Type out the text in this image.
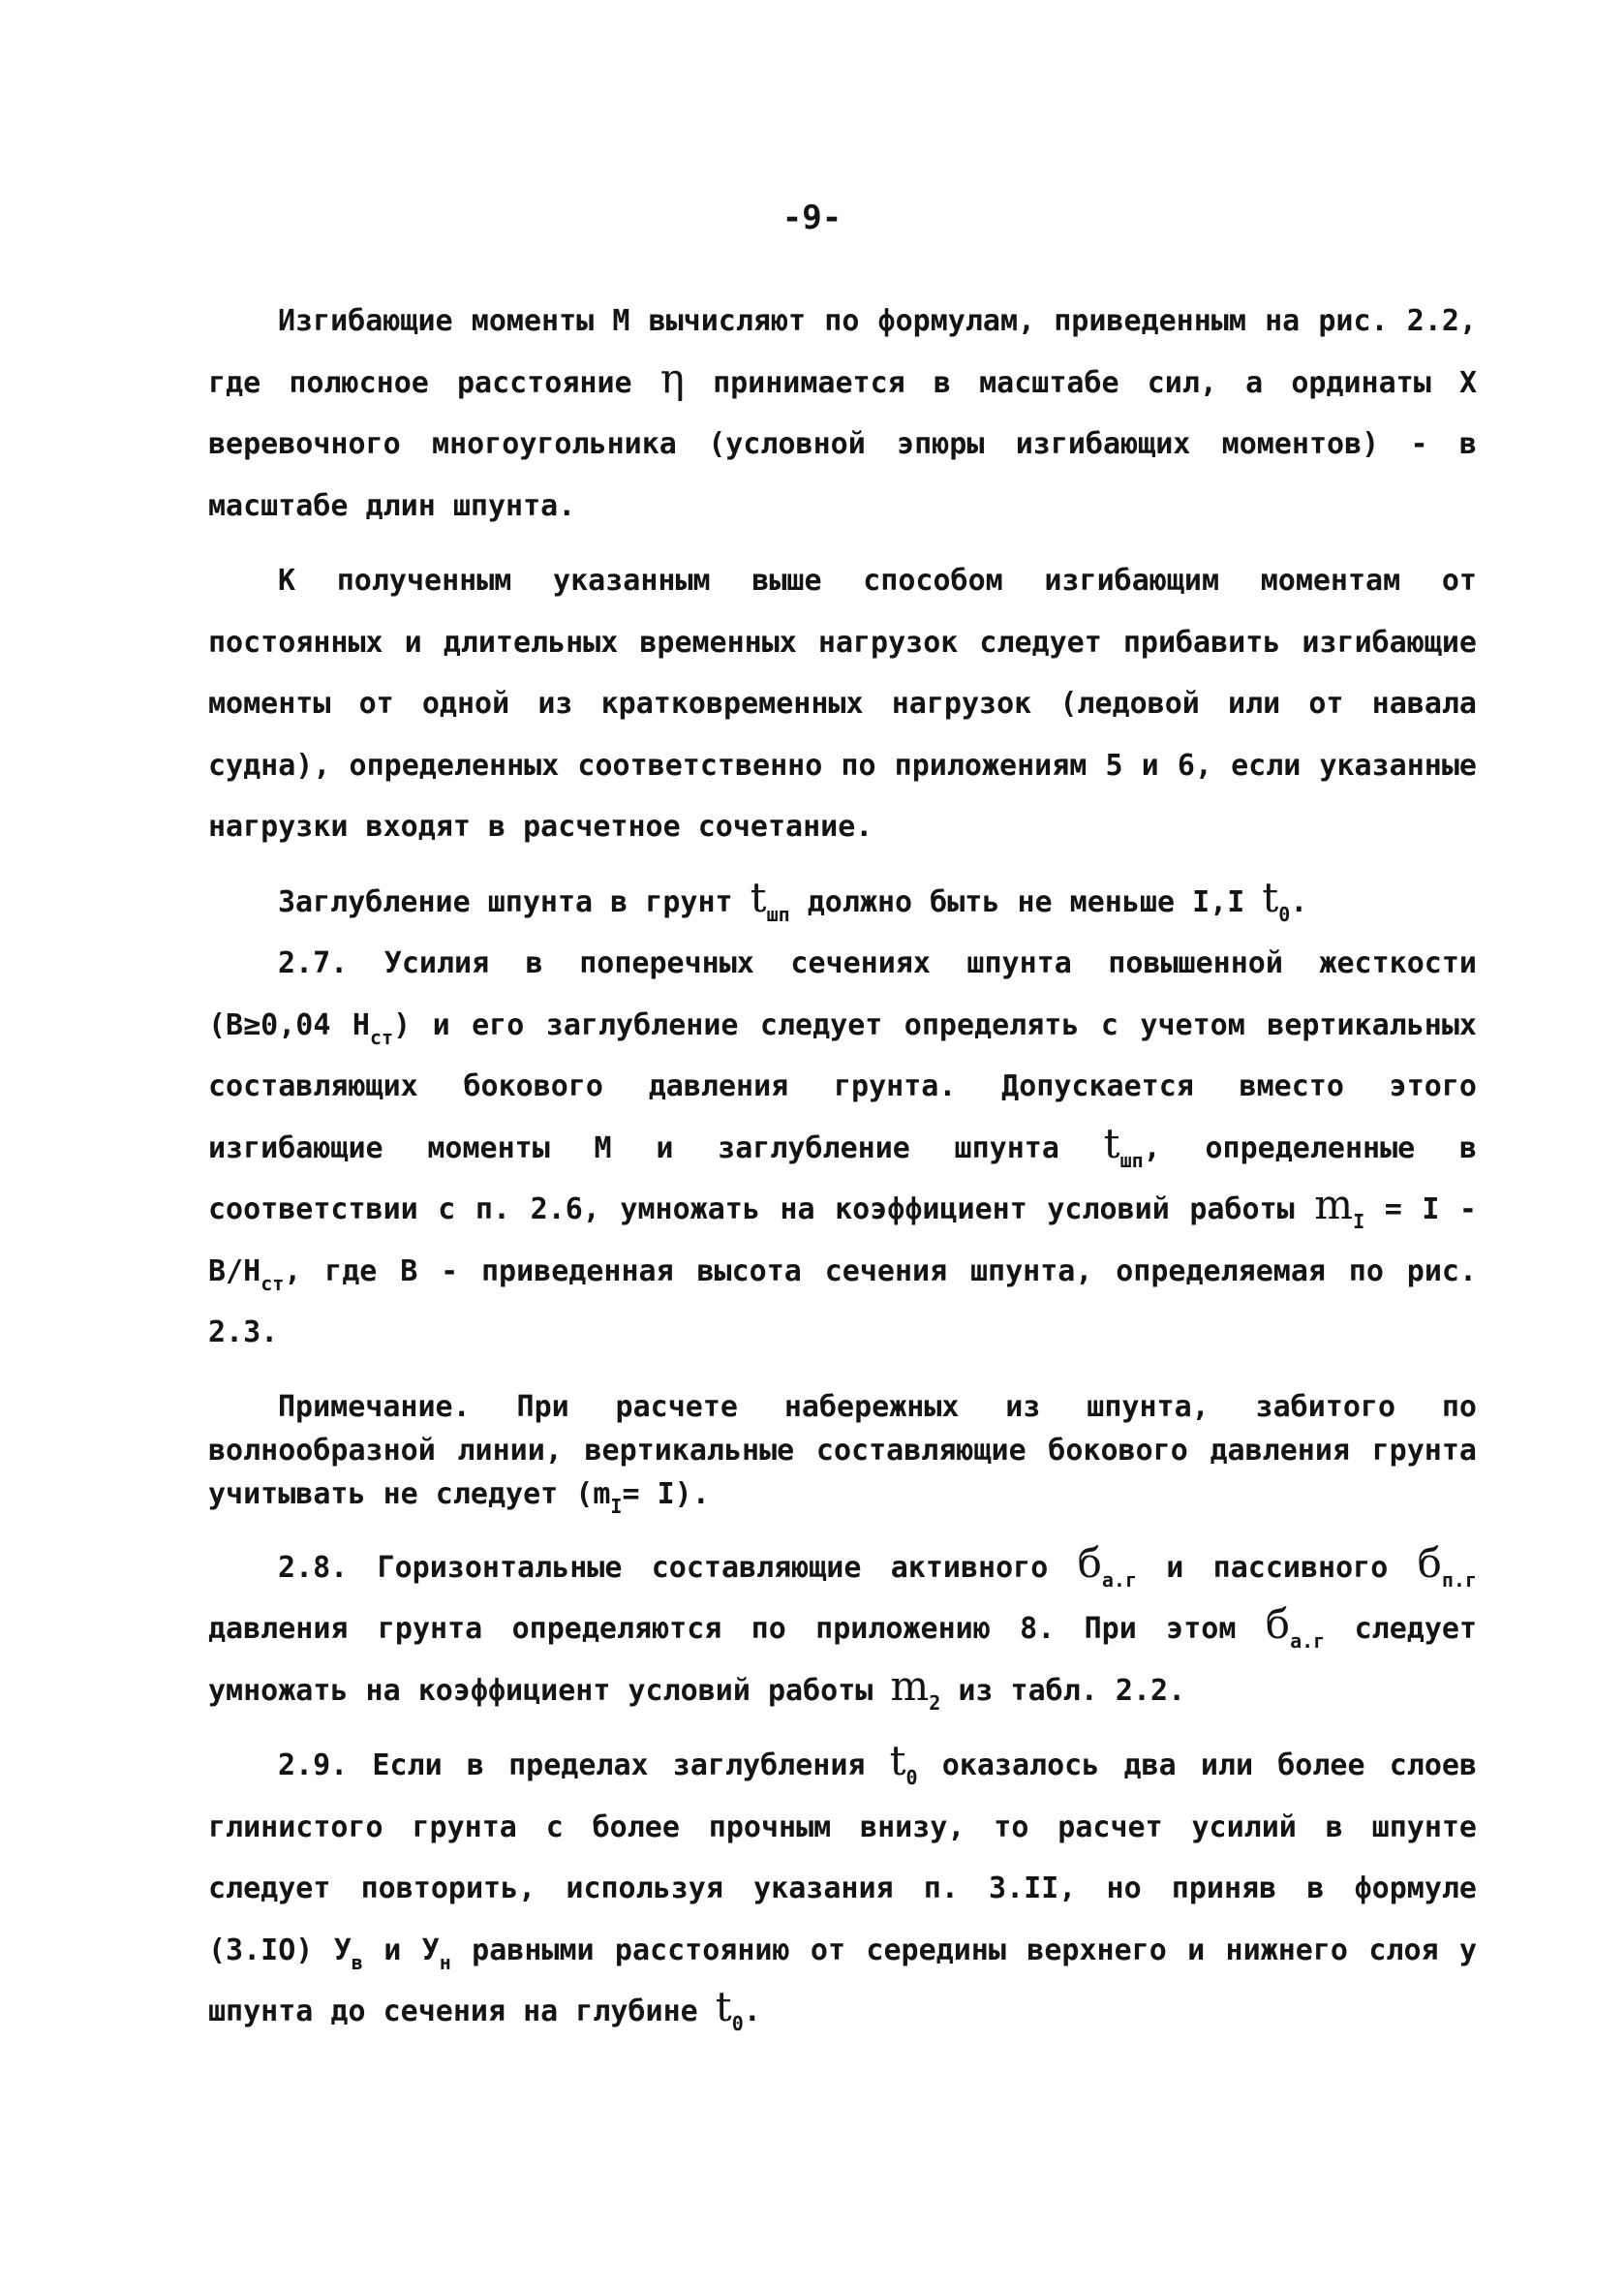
-9-

Изгибающие моменты М вычисляют по формулам, приведенным на рис. 2.2, где полюсное расстояние η принимается в масштабе сил, а ординаты X веревочного многоугольника (условной эпюры изгибающих моментов) - в масштабе длин шпунта.

К полученным указанным выше способом изгибающим моментам от постоянных и длительных временных нагрузок следует прибавить изгибающие моменты от одной из кратковременных нагрузок (ледовой или от навала судна), определенных соответственно по приложениям 5 и 6, если указанные нагрузки входят в расчетное сочетание.

Заглубление шпунта в грунт $t_{шп}$ должно быть не меньше I,I $t_0$.

2.7. Усилия в поперечных сечениях шпунта повышенной жесткости (B≥0,04 $H_{ст}$) и его заглубление следует определять с учетом вертикальных составляющих бокового давления грунта. Допускается вместо этого изгибающие моменты М и заглубление шпунта $t_{шп}$, определенные в соответствии с п. 2.6, умножать на коэффициент условий работы $m_I = I - B/H_{ст}$, где B - приведенная высота сечения шпунта, определяемая по рис. 2.3.

Примечание. При расчете набережных из шпунта, забитого по волнообразной линии, вертикальные составляющие бокового давления грунта учитывать не следует $(m_I= I)$.

2.8. Горизонтальные составляющие активного $б_{а.г}$ и пассивного $б_{п.г}$ давления грунта определяются по приложению 8. При этом $б_{а.г}$ следует умножать на коэффициент условий работы $m_2$ из табл. 2.2.

2.9. Если в пределах заглубления $t_0$ оказалось два или более слоев глинистого грунта с более прочным внизу, то расчет усилий в шпунте следует повторить, используя указания п. 3.II, но приняв в формуле (3.IO) $У_в$ и $У_н$ равными расстоянию от середины верхнего и нижнего слоя у шпунта до сечения на глубине $t_0$.
